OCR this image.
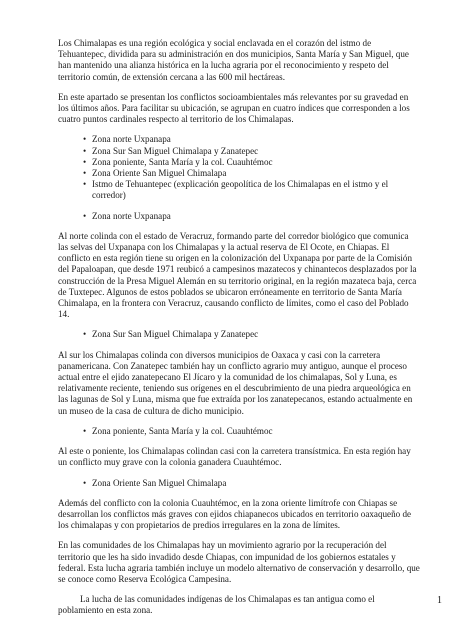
Los Chimalapas es una región ecológica y social enclavada en el corazón del istmo de Tehuantepec, dividida para su administración en dos municipios, Santa María y San Miguel, que han mantenido una alianza histórica en la lucha agraria por el reconocimiento y respeto del territorio común, de extensión cercana a las 600 mil hectáreas.

En este apartado se presentan los conflictos socioambientales más relevantes por su gravedad en los últimos años. Para facilitar su ubicación, se agrupan en cuatro índices que corresponden a los cuatro puntos cardinales respecto al territorio de los Chimalapas.

• Zona norte Uxpanapa
• Zona Sur San Miguel Chimalapa y Zanatepec
• Zona poniente, Santa María y la col. Cuauhtémoc
• Zona Oriente San Miguel Chimalapa
• Istmo de Tehuantepec (explicación geopolítica de los Chimalapas en el istmo y el corredor)
• Zona norte Uxpanapa

Al norte colinda con el estado de Veracruz, formando parte del corredor biológico que comunica las selvas del Uxpanapa con los Chimalapas y la actual reserva de El Ocote, en Chiapas. El conflicto en esta región tiene su origen en la colonización del Uxpanapa por parte de la Comisión del Papaloapan, que desde 1971 reubicó a campesinos mazatecos y chinantecos desplazados por la construcción de la Presa Miguel Alemán en su territorio original, en la región mazateca baja, cerca de Tuxtepec. Algunos de estos poblados se ubicaron erróneamente en territorio de Santa María Chimalapa, en la frontera con Veracruz, causando conflicto de límites, como el caso del Poblado 14.

• Zona Sur San Miguel Chimalapa y Zanatepec

Al sur los Chimalapas colinda con diversos municipios de Oaxaca y casi con la carretera panamericana. Con Zanatepec también hay un conflicto agrario muy antiguo, aunque el proceso actual entre el ejido zanatepecano El Jícaro y la comunidad de los chimalapas, Sol y Luna, es relativamente reciente, teniendo sus orígenes en el descubrimiento de una piedra arqueológica en las lagunas de Sol y Luna, misma que fue extraída por los zanatepecanos, estando actualmente en un museo de la casa de cultura de dicho municipio.

• Zona poniente, Santa María y la col. Cuauhtémoc

Al este o poniente, los Chimalapas colindan casi con la carretera transístmica. En esta región hay un conflicto muy grave con la colonia ganadera Cuauhtémoc.

• Zona Oriente San Miguel Chimalapa

Además del conflicto con la colonia Cuauhtémoc, en la zona oriente limítrofe con Chiapas se desarrollan los conflictos más graves con ejidos chiapanecos ubicados en territorio oaxaqueño de los chimalapas y con propietarios de predios irregulares en la zona de límites.

En las comunidades de los Chimalapas hay un movimiento agrario por la recuperación del territorio que les ha sido invadido desde Chiapas, con impunidad de los gobiernos estatales y federal. Esta lucha agraria también incluye un modelo alternativo de conservación y desarrollo, que se conoce como Reserva Ecológica Campesina.

La lucha de las comunidades indígenas de los Chimalapas es tan antigua como el poblamiento en esta zona.

1
